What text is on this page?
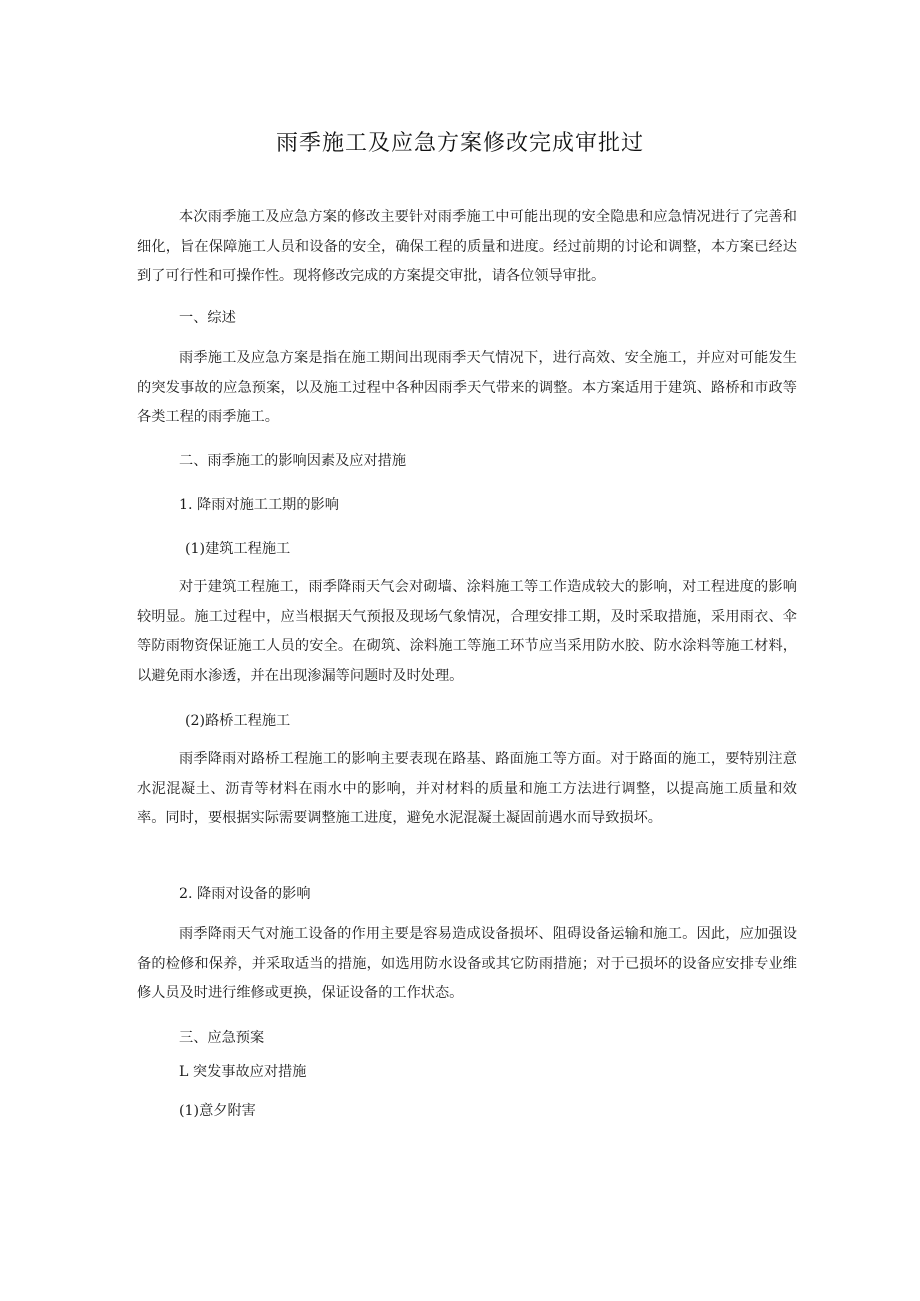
雨季施工及应急方案修改完成审批过

本次雨季施工及应急方案的修改主要针对雨季施工中可能出现的安全隐患和应急情况进行了完善和细化，旨在保障施工人员和设备的安全，确保工程的质量和进度。经过前期的讨论和调整，本方案已经达到了可行性和可操作性。现将修改完成的方案提交审批，请各位领导审批。

一、综述

雨季施工及应急方案是指在施工期间出现雨季天气情况下，进行高效、安全施工，并应对可能发生的突发事故的应急预案，以及施工过程中各种因雨季天气带来的调整。本方案适用于建筑、路桥和市政等各类工程的雨季施工。

二、雨季施工的影响因素及应对措施
1. 降雨对施工工期的影响
(1)建筑工程施工

对于建筑工程施工，雨季降雨天气会对砌墙、涂料施工等工作造成较大的影响，对工程进度的影响较明显。施工过程中，应当根据天气预报及现场气象情况，合理安排工期，及时采取措施，采用雨衣、伞等防雨物资保证施工人员的安全。在砌筑、涂料施工等施工环节应当采用防水胶、防水涂料等施工材料，以避免雨水渗透，并在出现渗漏等问题时及时处理。

(2)路桥工程施工

雨季降雨对路桥工程施工的影响主要表现在路基、路面施工等方面。对于路面的施工，要特别注意水泥混凝土、沥青等材料在雨水中的影响，并对材料的质量和施工方法进行调整，以提高施工质量和效率。同时，要根据实际需要调整施工进度，避免水泥混凝土凝固前遇水而导致损坏。

2. 降雨对设备的影响

雨季降雨天气对施工设备的作用主要是容易造成设备损坏、阻碍设备运输和施工。因此，应加强设备的检修和保养，并采取适当的措施，如选用防水设备或其它防雨措施；对于已损坏的设备应安排专业维修人员及时进行维修或更换，保证设备的工作状态。

三、应急预案
L 突发事故应对措施
(1)意夕附害
